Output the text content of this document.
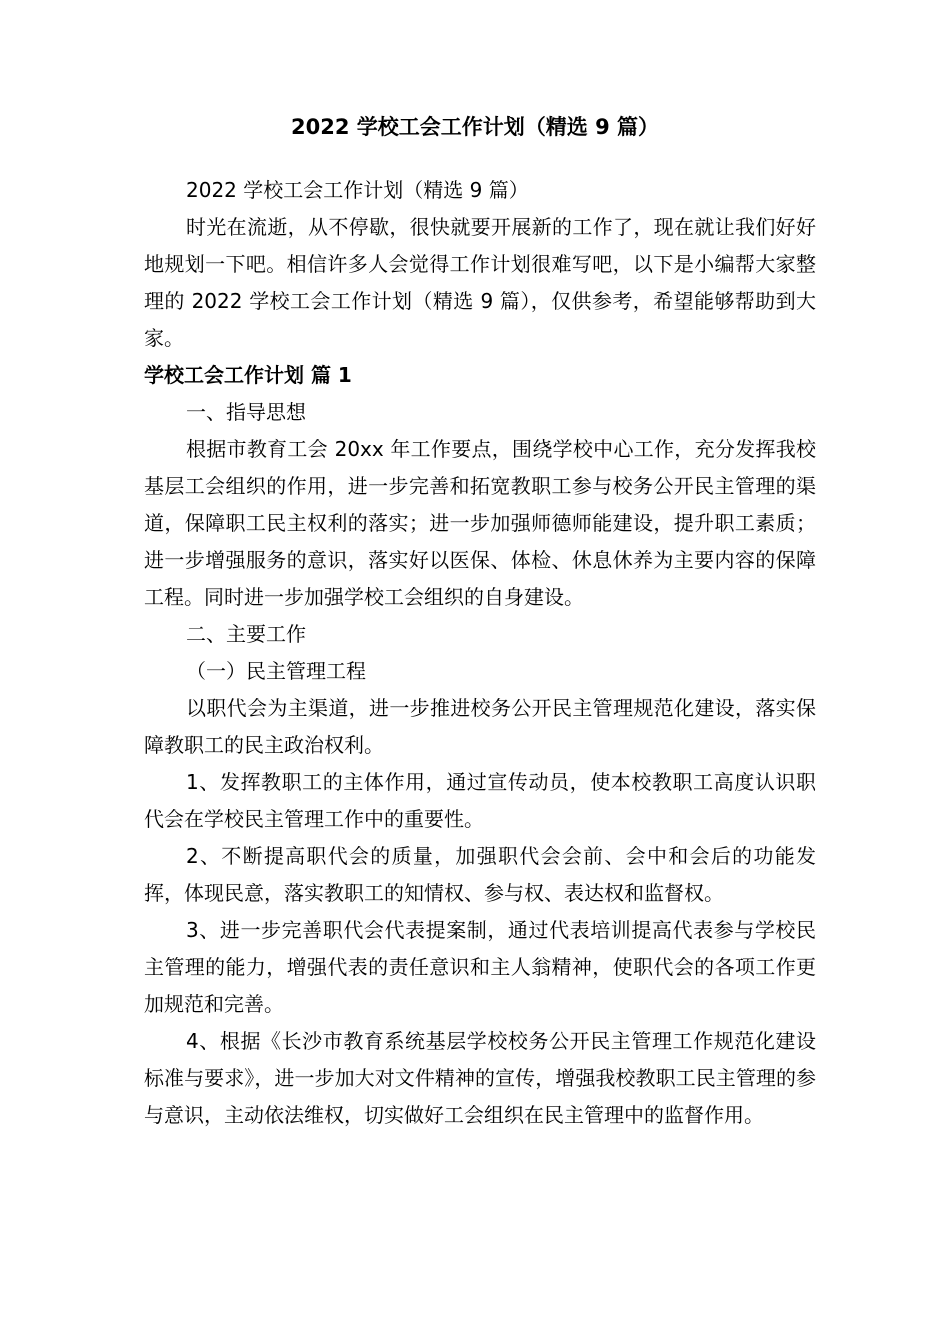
2022 学校工会工作计划（精选 9 篇）

2022 学校工会工作计划（精选 9 篇）

时光在流逝，从不停歇，很快就要开展新的工作了，现在就让我们好好地规划一下吧。相信许多人会觉得工作计划很难写吧，以下是小编帮大家整理的 2022 学校工会工作计划（精选 9 篇），仅供参考，希望能够帮助到大家。

学校工会工作计划 篇 1

一、指导思想

根据市教育工会 20xx 年工作要点，围绕学校中心工作，充分发挥我校基层工会组织的作用，进一步完善和拓宽教职工参与校务公开民主管理的渠道，保障职工民主权利的落实；进一步加强师德师能建设，提升职工素质；进一步增强服务的意识，落实好以医保、体检、休息休养为主要内容的保障工程。同时进一步加强学校工会组织的自身建设。

二、主要工作

（一）民主管理工程

以职代会为主渠道，进一步推进校务公开民主管理规范化建设，落实保障教职工的民主政治权利。

1、发挥教职工的主体作用，通过宣传动员，使本校教职工高度认识职代会在学校民主管理工作中的重要性。

2、不断提高职代会的质量，加强职代会会前、会中和会后的功能发挥，体现民意，落实教职工的知情权、参与权、表达权和监督权。

3、进一步完善职代会代表提案制，通过代表培训提高代表参与学校民主管理的能力，增强代表的责任意识和主人翁精神，使职代会的各项工作更加规范和完善。

4、根据《长沙市教育系统基层学校校务公开民主管理工作规范化建设标准与要求》，进一步加大对文件精神的宣传，增强我校教职工民主管理的参与意识，主动依法维权，切实做好工会组织在民主管理中的监督作用。
